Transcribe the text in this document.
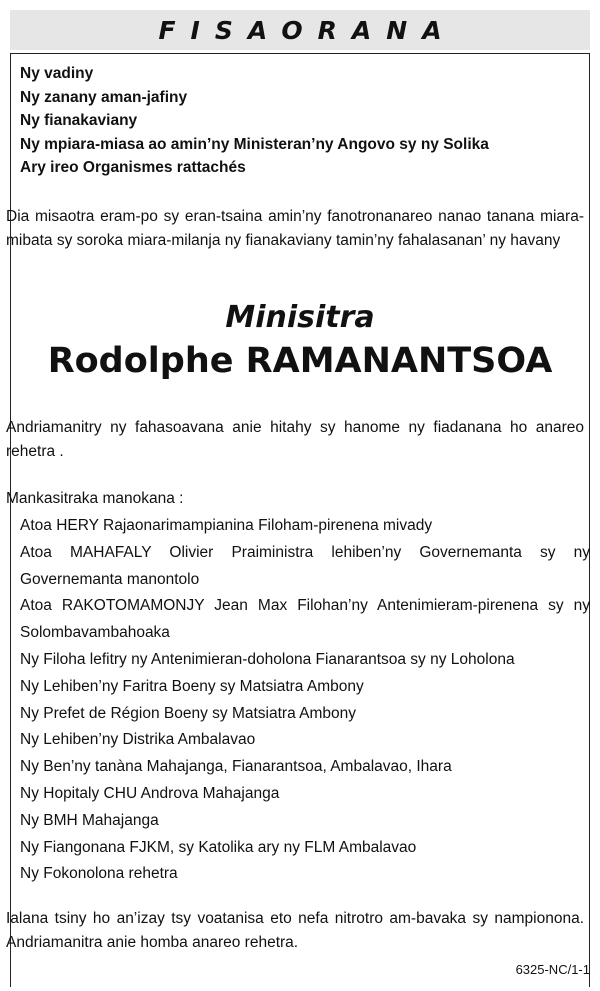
FISAORANA
Ny vadiny
Ny zanany aman-jafiny
Ny fianakaviany
Ny mpiara-miasa ao amin’ny Ministeran’ny Angovo sy ny Solika
Ary ireo Organismes rattachés
Dia misaotra eram-po sy eran-tsaina amin’ny fanotronanareo nanao tanana miara-mibata sy soroka miara-milanja ny fianakaviany tamin’ny fahalasanan’ ny havany
Minisitra
Rodolphe RAMANANTSOA
Andriamanitry ny fahasoavana anie hitahy sy hanome ny fiadanana ho anareo rehetra .
Mankasitraka manokana :
Atoa HERY Rajaonarimampianina Filoham-pirenena mivady
Atoa MAHAFALY Olivier Praiministra lehiben’ny Governemanta sy ny Governemanta manontolo
Atoa RAKOTOMAMONJY Jean Max Filohan’ny Antenimieram-pirenena sy ny Solombavambahoaka
Ny Filoha lefitry ny Antenimieran-doholona Fianarantsoa sy ny Loholona
Ny Lehiben’ny Faritra Boeny sy Matsiatra Ambony
Ny Prefet de Région Boeny sy Matsiatra Ambony
Ny Lehiben’ny Distrika Ambalavao
Ny Ben’ny tanàna Mahajanga, Fianarantsoa, Ambalavao, Ihara
Ny Hopitaly CHU Androva Mahajanga
Ny BMH Mahajanga
Ny Fiangonana FJKM, sy Katolika ary ny FLM Ambalavao
Ny Fokonolona rehetra
Ialana tsiny ho an’izay tsy voatanisa eto nefa nitrotro am-bavaka sy nampionona. Andriamanitra anie homba anareo rehetra.
6325-NC/1-1
